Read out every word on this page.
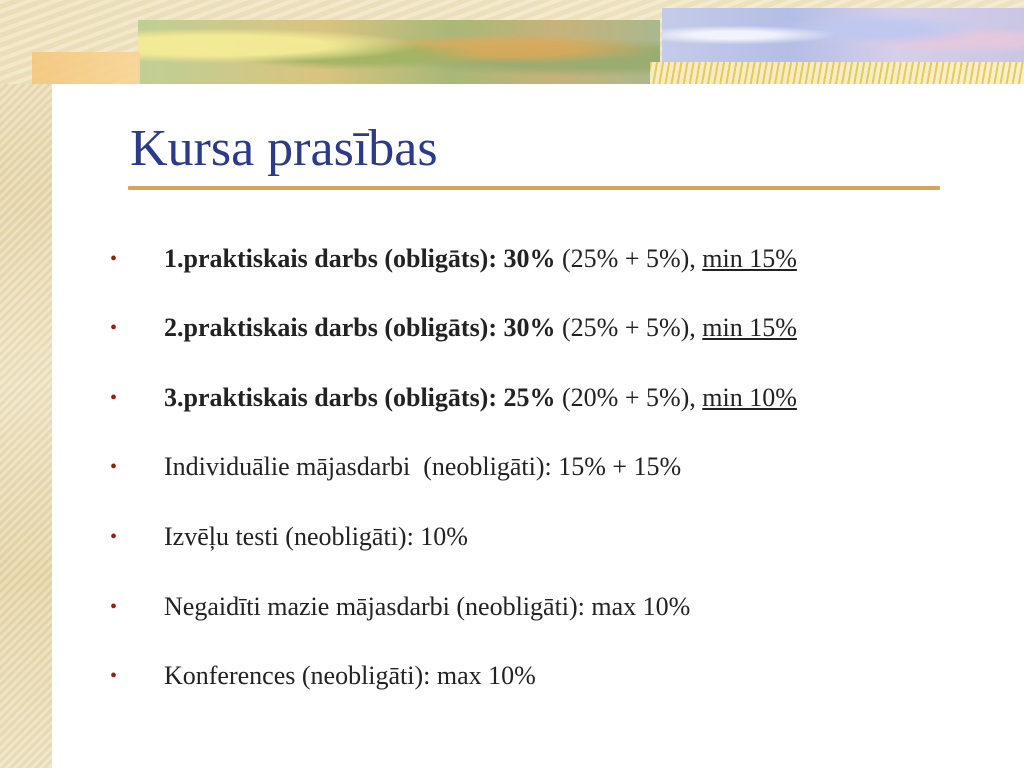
Kursa prasības
•	1.praktiskais darbs (obligāts): 30% (25% + 5%), min 15%
•	2.praktiskais darbs (obligāts): 30% (25% + 5%), min 15%
•	3.praktiskais darbs (obligāts): 25% (20% + 5%), min 10%
•	Individuālie mājasdarbi  (neobligāti): 15% + 15%
•	Izvēļu testi (neobligāti): 10%
•	Negaidīti mazie mājasdarbi (neobligāti): max 10%
•	Konferences (neobligāti): max 10%
